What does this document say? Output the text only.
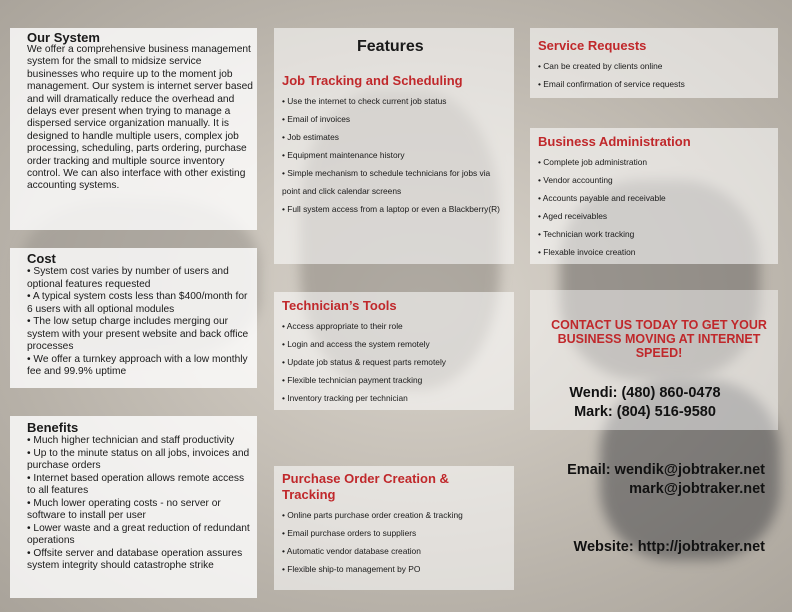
Our System

We offer a comprehensive business management system for the small to midsize service businesses who require up to the moment job management. Our system is internet server based and will dramatically reduce the overhead and delays ever present when trying to manage a dispersed service organization manually. It is designed to handle multiple users, complex job processing, scheduling, parts ordering, purchase order tracking and multiple source inventory control. We can also interface with other existing accounting systems.

Cost
• System cost varies by number of users and optional features requested
• A typical system costs less than $400/month for 6 users with all optional modules
• The low setup charge includes merging our system with your present website and back office processes
• We offer a turnkey approach with a low monthly fee and 99.9% uptime
Benefits
• Much higher technician and staff productivity
• Up to the minute status on all jobs, invoices and purchase orders
• Internet based operation allows remote access to all features
• Much lower operating costs - no server or software to install per user
• Lower waste and a great reduction of redundant operations
• Offsite server and database operation assures system integrity should catastrophe strike
Features
Job Tracking and Scheduling
• Use the internet to check current job status
• Email of invoices
• Job estimates
• Equipment maintenance history
• Simple mechanism to schedule technicians for jobs via point and click calendar screens
• Full system access from a laptop or even a Blackberry(R)
Technician’s Tools
• Access appropriate to their role
• Login and access the system remotely
• Update job status & request parts remotely
• Flexible technician payment tracking
• Inventory tracking per technician
Purchase Order Creation & Tracking
• Online parts purchase order creation & tracking
• Email purchase orders to suppliers
• Automatic vendor database creation
• Flexible ship-to management by PO
Service Requests
• Can be created by clients online
• Email confirmation of service requests
Business Administration
• Complete job administration
• Vendor accounting
• Accounts payable and receivable
• Aged receivables
• Technician work tracking
• Flexable invoice creation

CONTACT US TODAY TO GET YOUR BUSINESS MOVING AT INTERNET SPEED!

Wendi: (480) 860-0478
Mark: (804) 516-9580
Email: wendik@jobtraker.net
mark@jobtraker.net
Website: http://jobtraker.net
